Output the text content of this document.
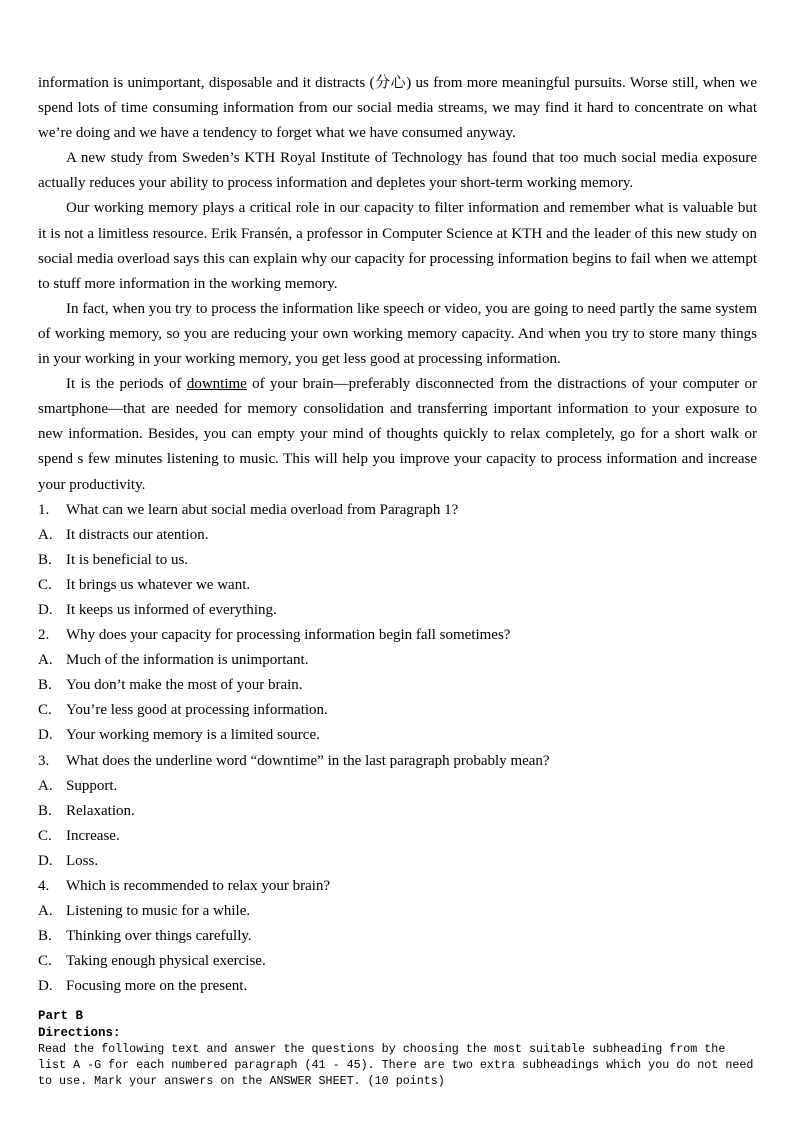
information is unimportant, disposable and it distracts (分心) us from more meaningful pursuits. Worse still, when we spend lots of time consuming information from our social media streams, we may find it hard to concentrate on what we’re doing and we have a tendency to forget what we have consumed anyway.
A new study from Sweden’s KTH Royal Institute of Technology has found that too much social media exposure actually reduces your ability to process information and depletes your short-term working memory.
Our working memory plays a critical role in our capacity to filter information and remember what is valuable but it is not a limitless resource. Erik Fransén, a professor in Computer Science at KTH and the leader of this new study on social media overload says this can explain why our capacity for processing information begins to fail when we attempt to stuff more information in the working memory.
In fact, when you try to process the information like speech or video, you are going to need partly the same system of working memory, so you are reducing your own working memory capacity. And when you try to store many things in your working in your working memory, you get less good at processing information.
It is the periods of downtime of your brain—preferably disconnected from the distractions of your computer or smartphone—that are needed for memory consolidation and transferring important information to your exposure to new information. Besides, you can empty your mind of thoughts quickly to relax completely, go for a short walk or spend s few minutes listening to music. This will help you improve your capacity to process information and increase your productivity.
1.What can we learn abut social media overload from Paragraph 1?
A.It distracts our atention.
B.It is beneficial to us.
C.It brings us whatever we want.
D.It keeps us informed of everything.
2.Why does your capacity for processing information begin fall sometimes?
A.Much of the information is unimportant.
B.You don’t make the most of your brain.
C.You’re less good at processing information.
D.Your working memory is a limited source.
3.What does the underline word “downtime” in the last paragraph probably mean?
A.Support.
B.Relaxation.
C.Increase.
D.Loss.
4.Which is recommended to relax your brain?
A.Listening to music for a while.
B.Thinking over things carefully.
C.Taking enough physical exercise.
D.Focusing more on the present.
Part B
Directions:
Read the following text and answer the questions by choosing the most suitable subheading from the
list A -G for each numbered paragraph (41 - 45). There are two extra subheadings which you do not need
to use. Mark your answers on the ANSWER SHEET. (10 points)
